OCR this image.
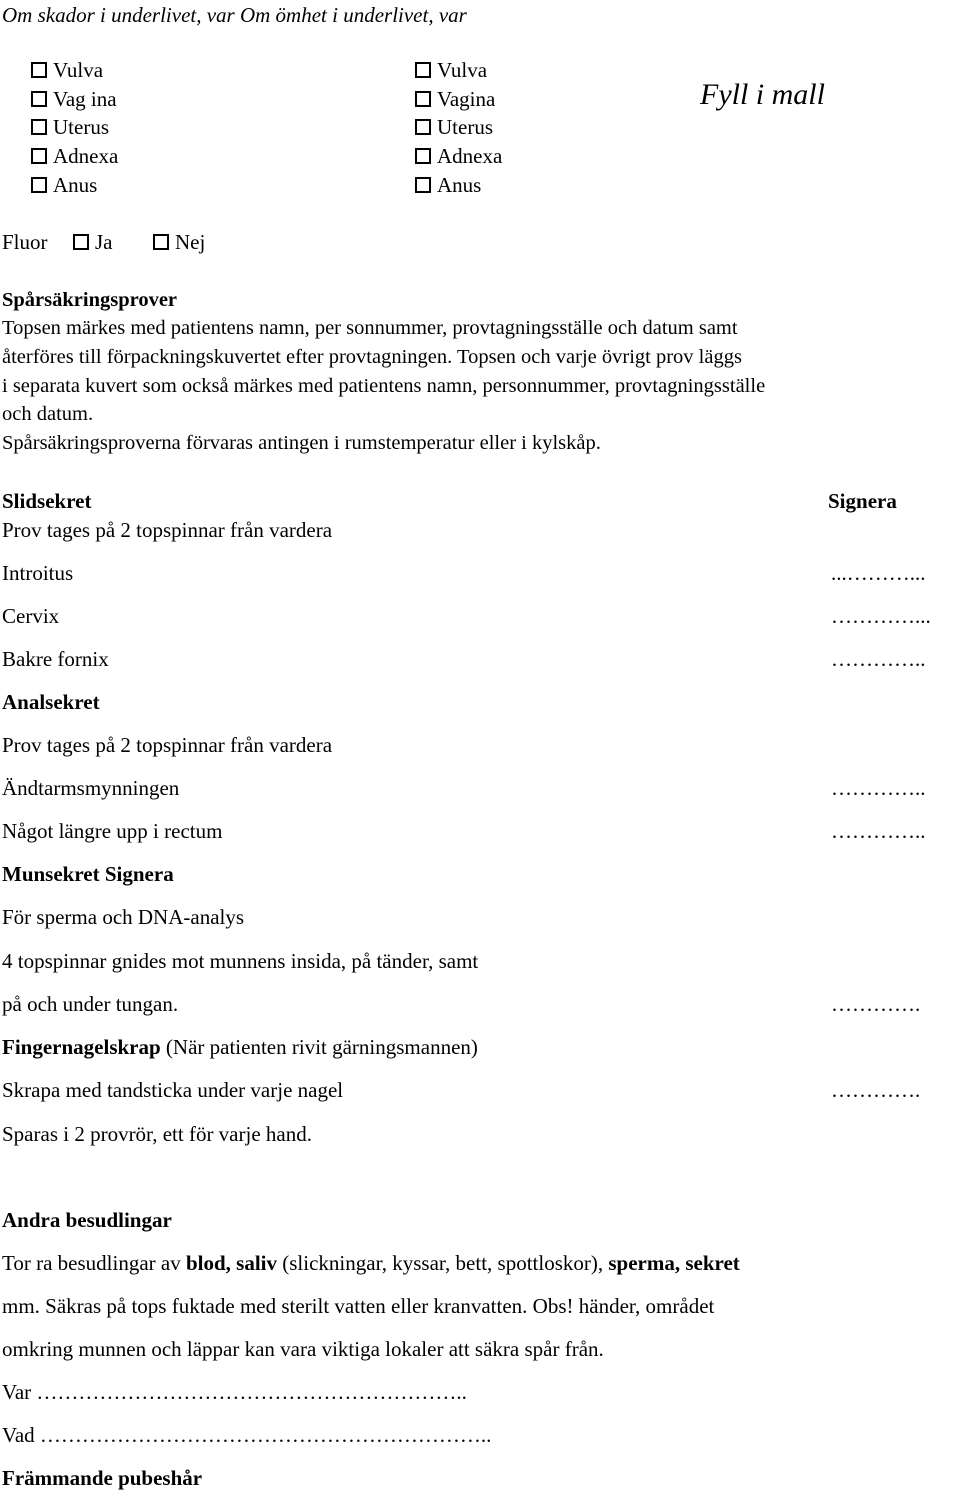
Om skador i underlivet, var Om ömhet i underlivet, var
Vulva
Vag ina
Uterus
Adnexa
Anus
Vulva
Vagina
Uterus
Adnexa
Anus
Fyll i mall
Fluor	Ja	Nej
Spårsäkringsprover
Topsen märkes med patientens namn, per sonnummer, provtagningsställe och datum samt
återföres till förpackningskuvertet efter provtagningen. Topsen och varje övrigt prov läggs
i separata kuvert som också märkes med patientens namn, personnummer, provtagningsställe
och datum.
Spårsäkringsproverna förvaras antingen i rumstemperatur eller i kylskåp.
Slidsekret	Signera
Prov tages på 2 topspinnar från vardera
Introitus	...………...
Cervix	…………...
Bakre fornix	…………..
Analsekret
Prov tages på 2 topspinnar från vardera
Ändtarmsmynningen	…………..
Något längre upp i rectum	…………..
Munsekret Signera
För sperma och DNA-analys
4 topspinnar gnides mot munnens insida, på tänder, samt
på och under tungan.	………….
Fingernagelskrap (När patienten rivit gärningsmannen)
Skrapa med tandsticka under varje nagel	………….
Sparas i 2 provrör, ett för varje hand.
Andra besudlingar
Tor ra besudlingar av blod, saliv (slickningar, kyssar, bett, spottloskor), sperma, sekret
mm. Säkras på tops fuktade med sterilt vatten eller kranvatten. Obs! händer, området
omkring munnen och läppar kan vara viktiga lokaler att säkra spår från.
Var ……………………………………………………..
Vad ………………………………………………………..
Främmande pubeshår
